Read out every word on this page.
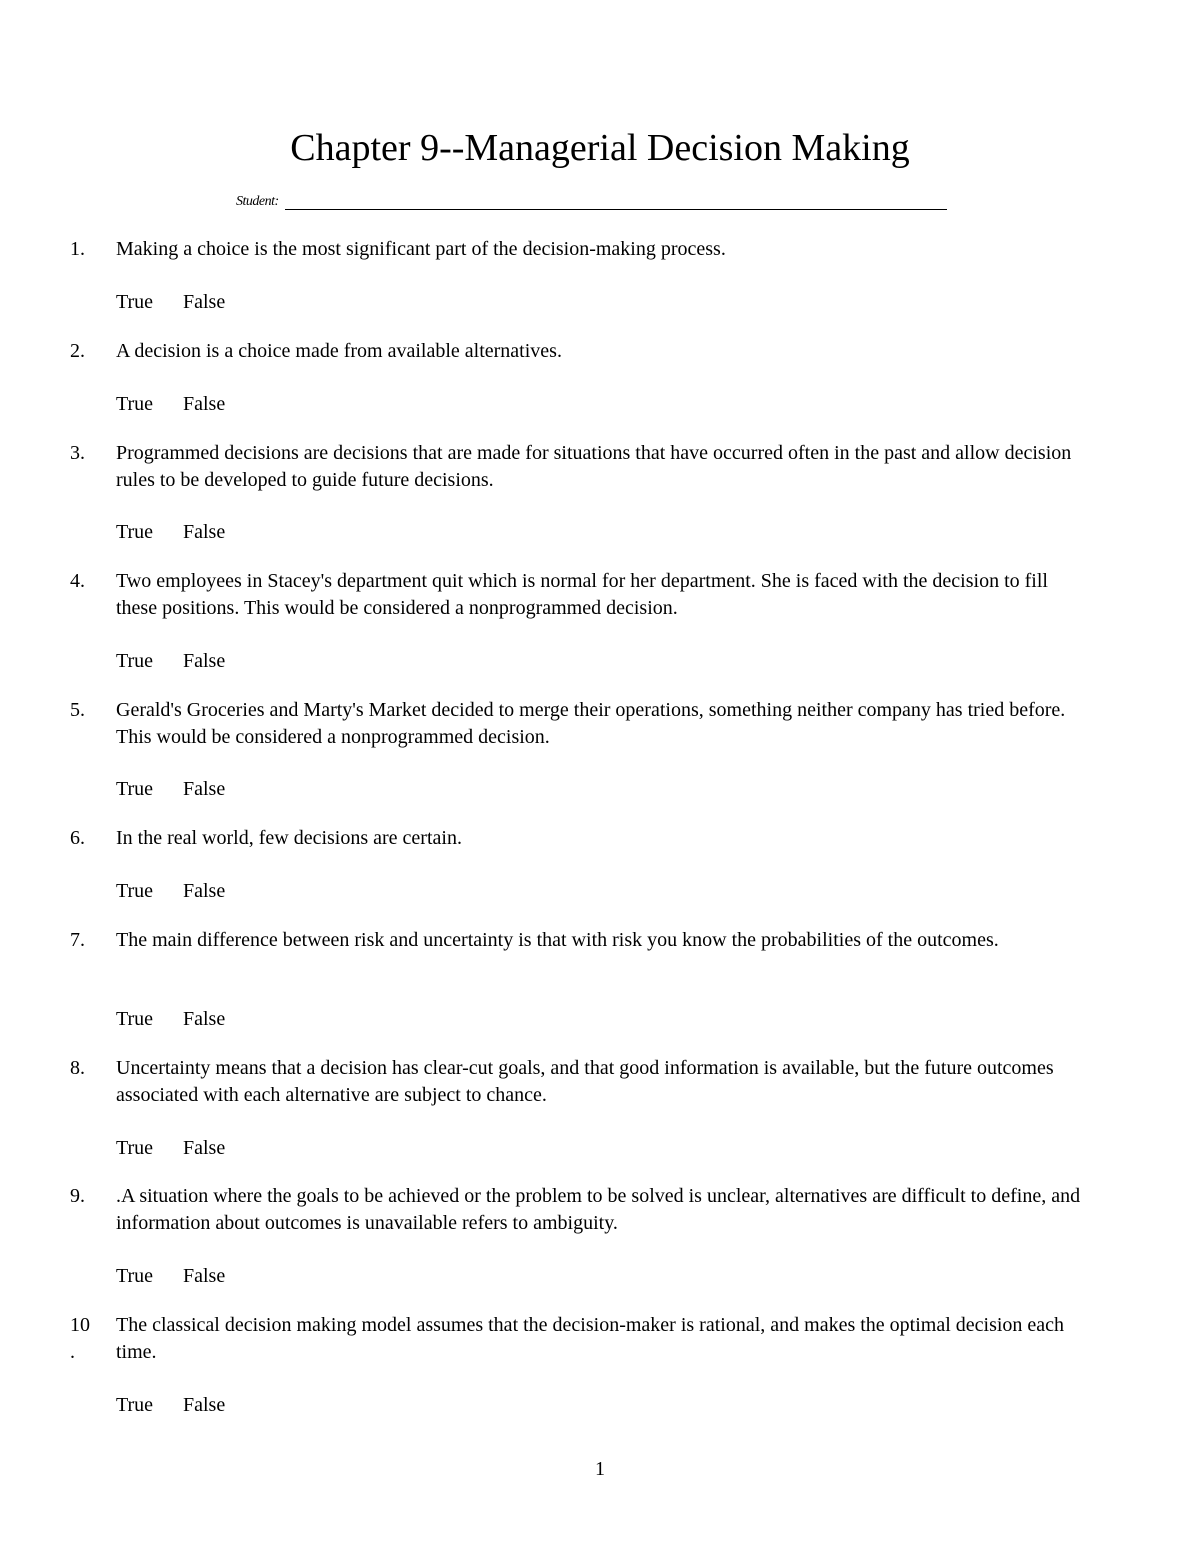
Chapter 9--Managerial Decision Making
Student:
1.	Making a choice is the most significant part of the decision-making process.
True False
2.	A decision is a choice made from available alternatives.
True False
3.	Programmed decisions are decisions that are made for situations that have occurred often in the past and allow decision rules to be developed to guide future decisions.
True False
4.	Two employees in Stacey's department quit which is normal for her department. She is faced with the decision to fill these positions. This would be considered a nonprogrammed decision.
True False
5.	Gerald's Groceries and Marty's Market decided to merge their operations, something neither company has tried before. This would be considered a nonprogrammed decision.
True False
6.	In the real world, few decisions are certain.
True False
7.	The main difference between risk and uncertainty is that with risk you know the probabilities of the outcomes.
True False
8.	Uncertainty means that a decision has clear-cut goals, and that good information is available, but the future outcomes associated with each alternative are subject to chance.
True False
9.	.A situation where the goals to be achieved or the problem to be solved is unclear, alternatives are difficult to define, and information about outcomes is unavailable refers to ambiguity.
True False
10
.
The classical decision making model assumes that the decision-maker is rational, and makes the optimal decision each time.
True False
1
